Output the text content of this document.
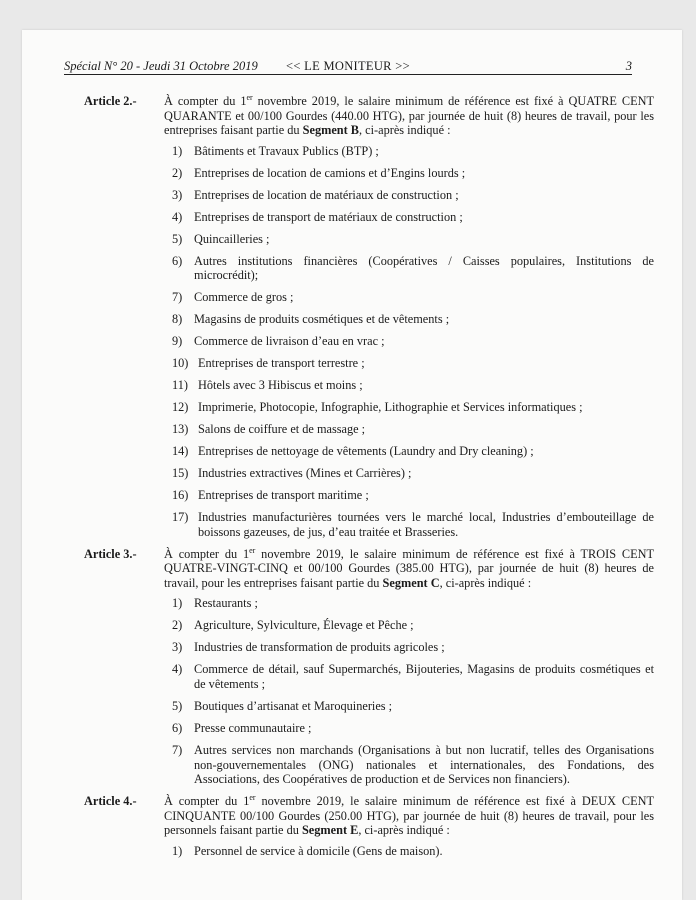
Spécial N° 20 - Jeudi 31 Octobre 2019	<< LE MONITEUR >>	3
Article 2.- À compter du 1er novembre 2019, le salaire minimum de référence est fixé à QUATRE CENT QUARANTE et 00/100 Gourdes (440.00 HTG), par journée de huit (8) heures de travail, pour les entreprises faisant partie du Segment B, ci-après indiqué :
1) Bâtiments et Travaux Publics (BTP) ;
2) Entreprises de location de camions et d’Engins lourds ;
3) Entreprises de location de matériaux de construction ;
4) Entreprises de transport de matériaux de construction ;
5) Quincailleries ;
6) Autres institutions financières (Coopératives / Caisses populaires, Institutions de microcrédit);
7) Commerce de gros ;
8) Magasins de produits cosmétiques et de vêtements ;
9) Commerce de livraison d’eau en vrac ;
10) Entreprises de transport terrestre ;
11) Hôtels avec 3 Hibiscus et moins ;
12) Imprimerie, Photocopie, Infographie, Lithographie et Services informatiques ;
13) Salons de coiffure et de massage ;
14) Entreprises de nettoyage de vêtements (Laundry and Dry cleaning) ;
15) Industries extractives (Mines et Carrières) ;
16) Entreprises de transport maritime ;
17) Industries manufacturières tournées vers le marché local, Industries d’embouteillage de boissons gazeuses, de jus, d’eau traitée et Brasseries.
Article 3.- À compter du 1er novembre 2019, le salaire minimum de référence est fixé à TROIS CENT QUATRE-VINGT-CINQ et 00/100 Gourdes (385.00 HTG), par journée de huit (8) heures de travail, pour les entreprises faisant partie du Segment C, ci-après indiqué :
1) Restaurants ;
2) Agriculture, Sylviculture, Élevage et Pêche ;
3) Industries de transformation de produits agricoles ;
4) Commerce de détail, sauf Supermarchés, Bijouteries, Magasins de produits cosmétiques et de vêtements ;
5) Boutiques d’artisanat et Maroquineries ;
6) Presse communautaire ;
7) Autres services non marchands (Organisations à but non lucratif, telles des Organisations non-gouvernementales (ONG) nationales et internationales, des Fondations, des Associations, des Coopératives de production et de Services non financiers).
Article 4.- À compter du 1er novembre 2019, le salaire minimum de référence est fixé à DEUX CENT CINQUANTE 00/100 Gourdes (250.00 HTG), par journée de huit (8) heures de travail, pour les personnels faisant partie du Segment E, ci-après indiqué :
1) Personnel de service à domicile (Gens de maison).
